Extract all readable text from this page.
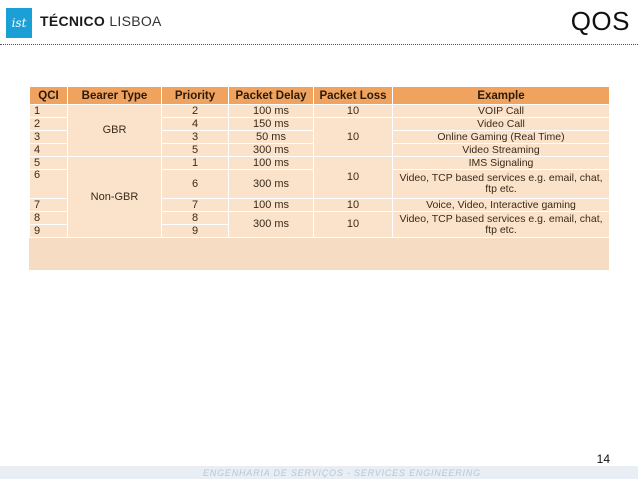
ist TÉCNICO LISBOA	QOS
QCI	Bearer Type	Priority	Packet Delay	Packet Loss	Example
1	GBR	2	100 ms	10	VOIP Call
2		4	150 ms	10	Video Call
3		3	50 ms		Online Gaming (Real Time)
4		5	300 ms		Video Streaming
5	Non-GBR	1	100 ms	10	IMS Signaling
6		6	300 ms		Video, TCP based services e.g. email, chat, ftp etc.
7		7	100 ms	10	Voice, Video, Interactive gaming
8		8	300 ms	10	Video, TCP based services e.g. email, chat, ftp etc.
9		9			
14
ENGENHARIA DE SERVIÇOS - SERVICES ENGINEERING
